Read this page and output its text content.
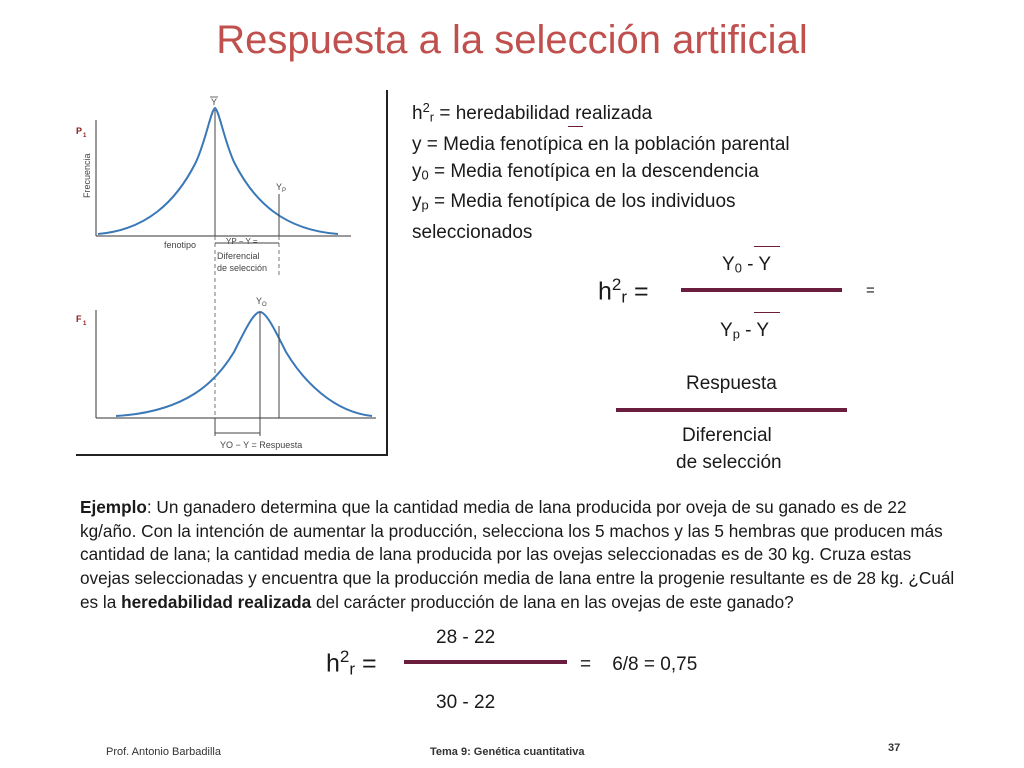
Respuesta a la selección artificial
P 1
F 1
Frecuencia
Y
Y P
Y O
fenotipo	YP − Y =
Diferencial
de selección
YO − Y = Respuesta
$h^2_r$ = heredabilidad realizada
y = Media fenotípica en la población parental
$y_0$ = Media fenotípica en la descendencia
$y_p$ = Media fenotípica de los individuos seleccionados
$h^2_r$ =
$Y_0$ - Y
=
$Y_p$ - Y
Respuesta
Diferencial
de selección
Ejemplo: Un ganadero determina que la cantidad media de lana producida por oveja de su ganado es de 22 kg/año. Con la intención de aumentar la producción, selecciona los 5 machos y las 5 hembras que producen más cantidad de lana; la cantidad media de lana producida por las ovejas seleccionadas es de 30 kg. Cruza estas ovejas seleccionadas y encuentra que la producción media de lana entre la progenie resultante es de 28 kg. ¿Cuál es la heredabilidad realizada del carácter producción de lana en las ovejas de este ganado?
$h^2_r$ =
28 - 22
=    6/8 = 0,75
30 - 22
Prof. Antonio Barbadilla	Tema 9: Genética cuantitativa	37
